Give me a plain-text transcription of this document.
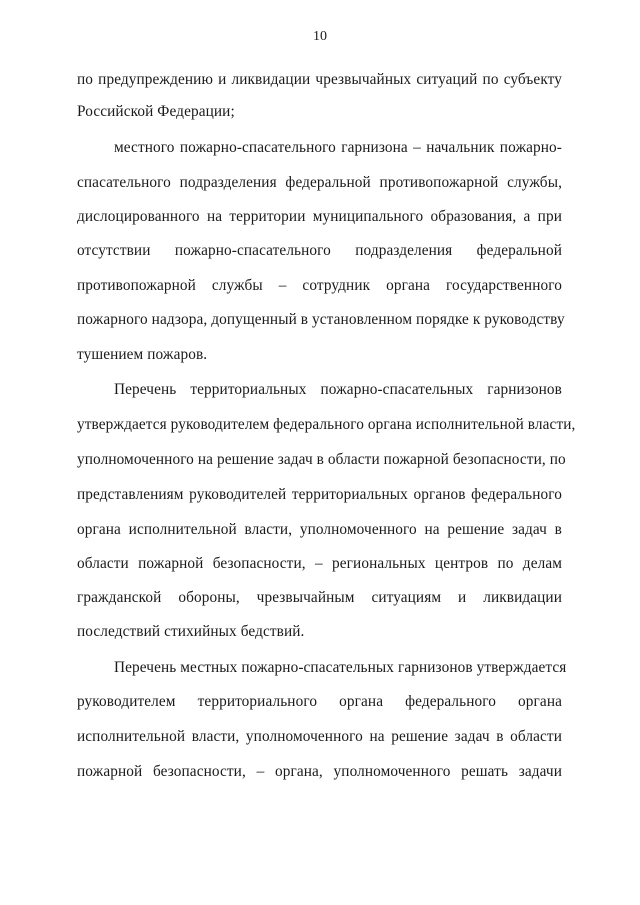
10
по предупреждению и ликвидации чрезвычайных ситуаций по субъекту
Российской Федерации;
местного пожарно-спасательного гарнизона – начальник пожарно-
спасательного подразделения федеральной противопожарной службы,
дислоцированного на территории муниципального образования, а при
отсутствии пожарно-спасательного подразделения федеральной
противопожарной службы – сотрудник органа государственного
пожарного надзора, допущенный в установленном порядке к руководству
тушением пожаров.
Перечень территориальных пожарно-спасательных гарнизонов
утверждается руководителем федерального органа исполнительной власти,
уполномоченного на решение задач в области пожарной безопасности, по
представлениям руководителей территориальных органов федерального
органа исполнительной власти, уполномоченного на решение задач в
области пожарной безопасности, – региональных центров по делам
гражданской обороны, чрезвычайным ситуациям и ликвидации
последствий стихийных бедствий.
Перечень местных пожарно-спасательных гарнизонов утверждается
руководителем территориального органа федерального органа
исполнительной власти, уполномоченного на решение задач в области
пожарной безопасности, – органа, уполномоченного решать задачи
